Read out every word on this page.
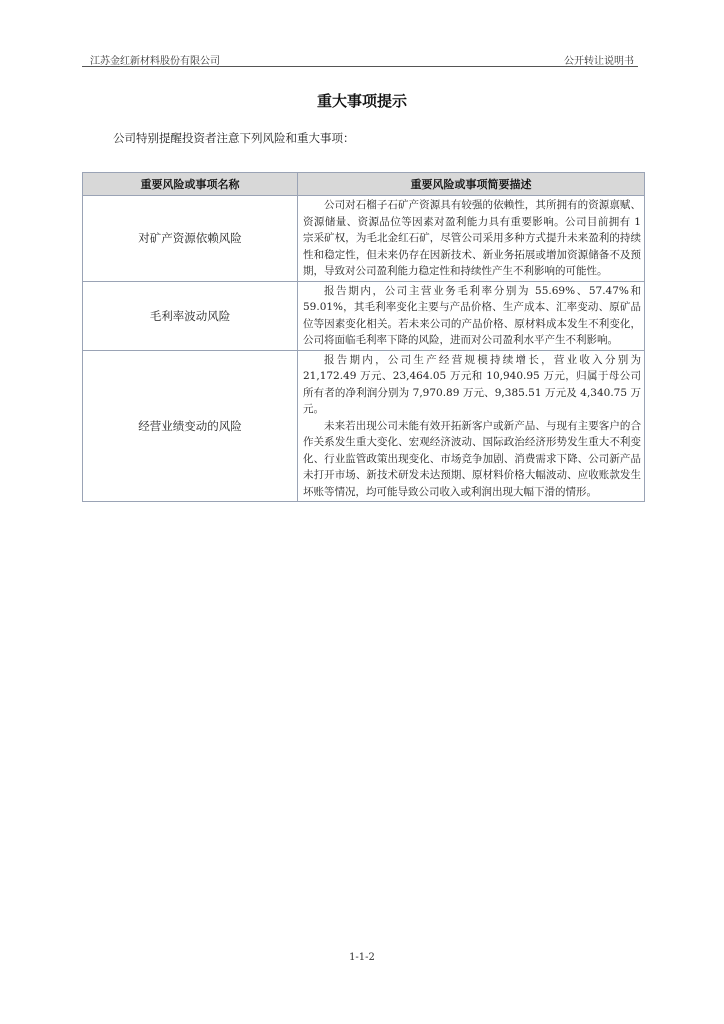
江苏金红新材料股份有限公司	公开转让说明书
重大事项提示
公司特别提醒投资者注意下列风险和重大事项：
重要风险或事项名称	重要风险或事项简要描述
对矿产资源依赖风险	公司对石榴子石矿产资源具有较强的依赖性，其所拥有的资源禀赋、资源储量、资源品位等因素对盈利能力具有重要影响。公司目前拥有 1 宗采矿权，为毛北金红石矿，尽管公司采用多种方式提升未来盈利的持续性和稳定性，但未来仍存在因新技术、新业务拓展或增加资源储备不及预期，导致对公司盈利能力稳定性和持续性产生不利影响的可能性。

毛利率波动风险	报告期内，公司主营业务毛利率分别为 55.69%、57.47%和 59.01%，其毛利率变化主要与产品价格、生产成本、汇率变动、原矿品位等因素变化相关。若未来公司的产品价格、原材料成本发生不利变化，公司将面临毛利率下降的风险，进而对公司盈利水平产生不利影响。

经营业绩变动的风险	报告期内，公司生产经营规模持续增长，营业收入分别为 21,172.49 万元、23,464.05 万元和 10,940.95 万元，归属于母公司所有者的净利润分别为 7,970.89 万元、9,385.51 万元及 4,340.75 万元。

未来若出现公司未能有效开拓新客户或新产品、与现有主要客户的合作关系发生重大变化、宏观经济波动、国际政治经济形势发生重大不利变化、行业监管政策出现变化、市场竞争加剧、消费需求下降、公司新产品未打开市场、新技术研发未达预期、原材料价格大幅波动、应收账款发生坏账等情况，均可能导致公司收入或利润出现大幅下滑的情形。

1-1-2
